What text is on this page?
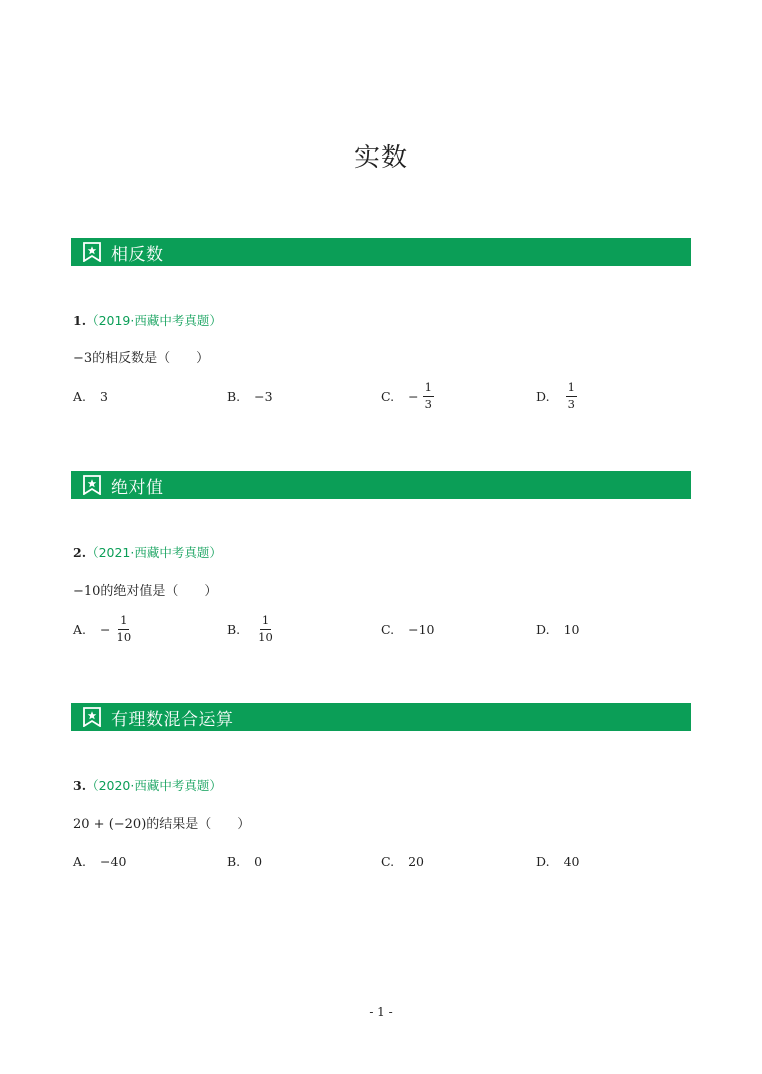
实数
相反数
1.（2019·西藏中考真题）
−3的相反数是（　　）
A. 3	B. −3	C. − $\frac{1}{3}$	D. $\frac{1}{3}$
绝对值
2.（2021·西藏中考真题）
−10的绝对值是（　　）
A. − $\frac{1}{10}$	B. $\frac{1}{10}$	C. −10	D. 10
有理数混合运算
3.（2020·西藏中考真题）
20 + (−20)的结果是（　　）
A. −40	B. 0	C. 20	D. 40
- 1 -
